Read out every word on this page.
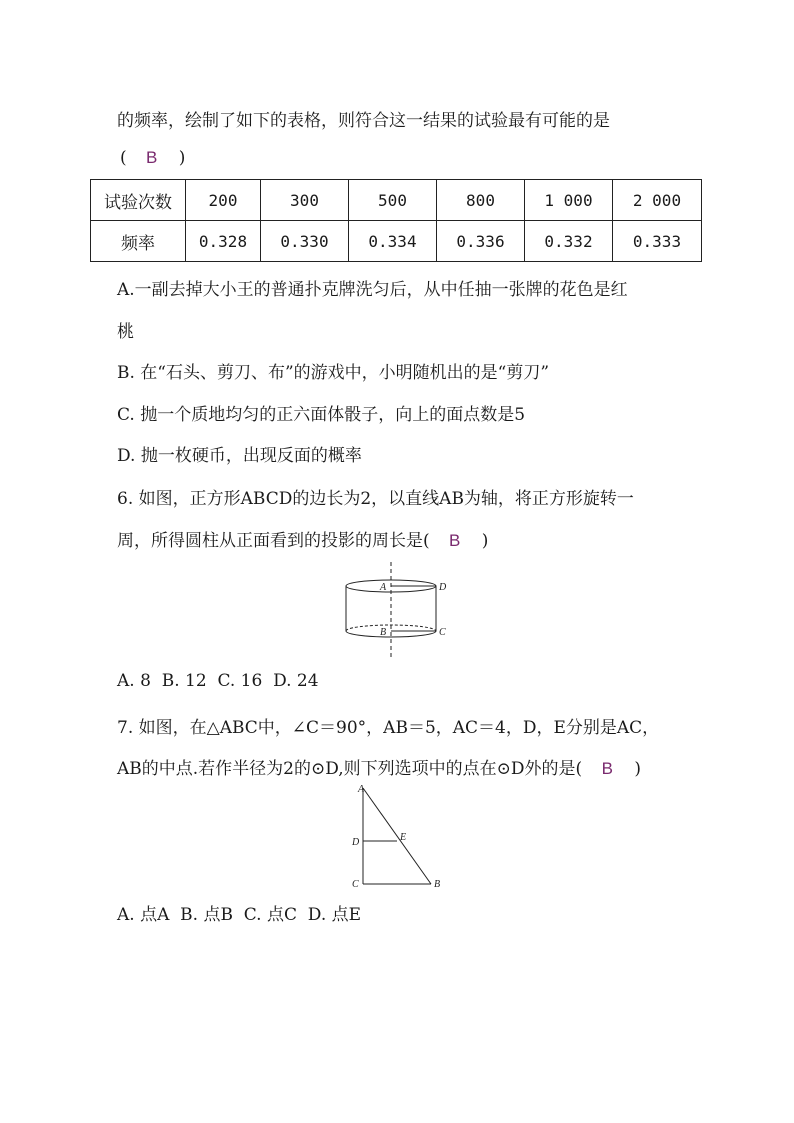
的频率，绘制了如下的表格，则符合这一结果的试验最有可能的是
( B )
试验次数	200	300	500	800	1 000	2 000
频率	0.328	0.330	0.334	0.336	0.332	0.333
A.一副去掉大小王的普通扑克牌洗匀后，从中任抽一张牌的花色是红
桃
B. 在“石头、剪刀、布”的游戏中，小明随机出的是“剪刀”
C. 抛一个质地均匀的正六面体骰子，向上的面点数是5
D. 抛一枚硬币，出现反面的概率
6. 如图，正方形ABCD的边长为2，以直线AB为轴，将正方形旋转一
周，所得圆柱从正面看到的投影的周长是( B )
A	D
B	C
A. 8  B. 12  C. 16  D. 24
7. 如图，在△ABC中，∠C＝90°，AB＝5，AC＝4，D，E分别是AC，
AB的中点.若作半径为2的⊙D,则下列选项中的点在⊙D外的是( B )
A
D	E
C	B
A. 点A  B. 点B  C. 点C  D. 点E
